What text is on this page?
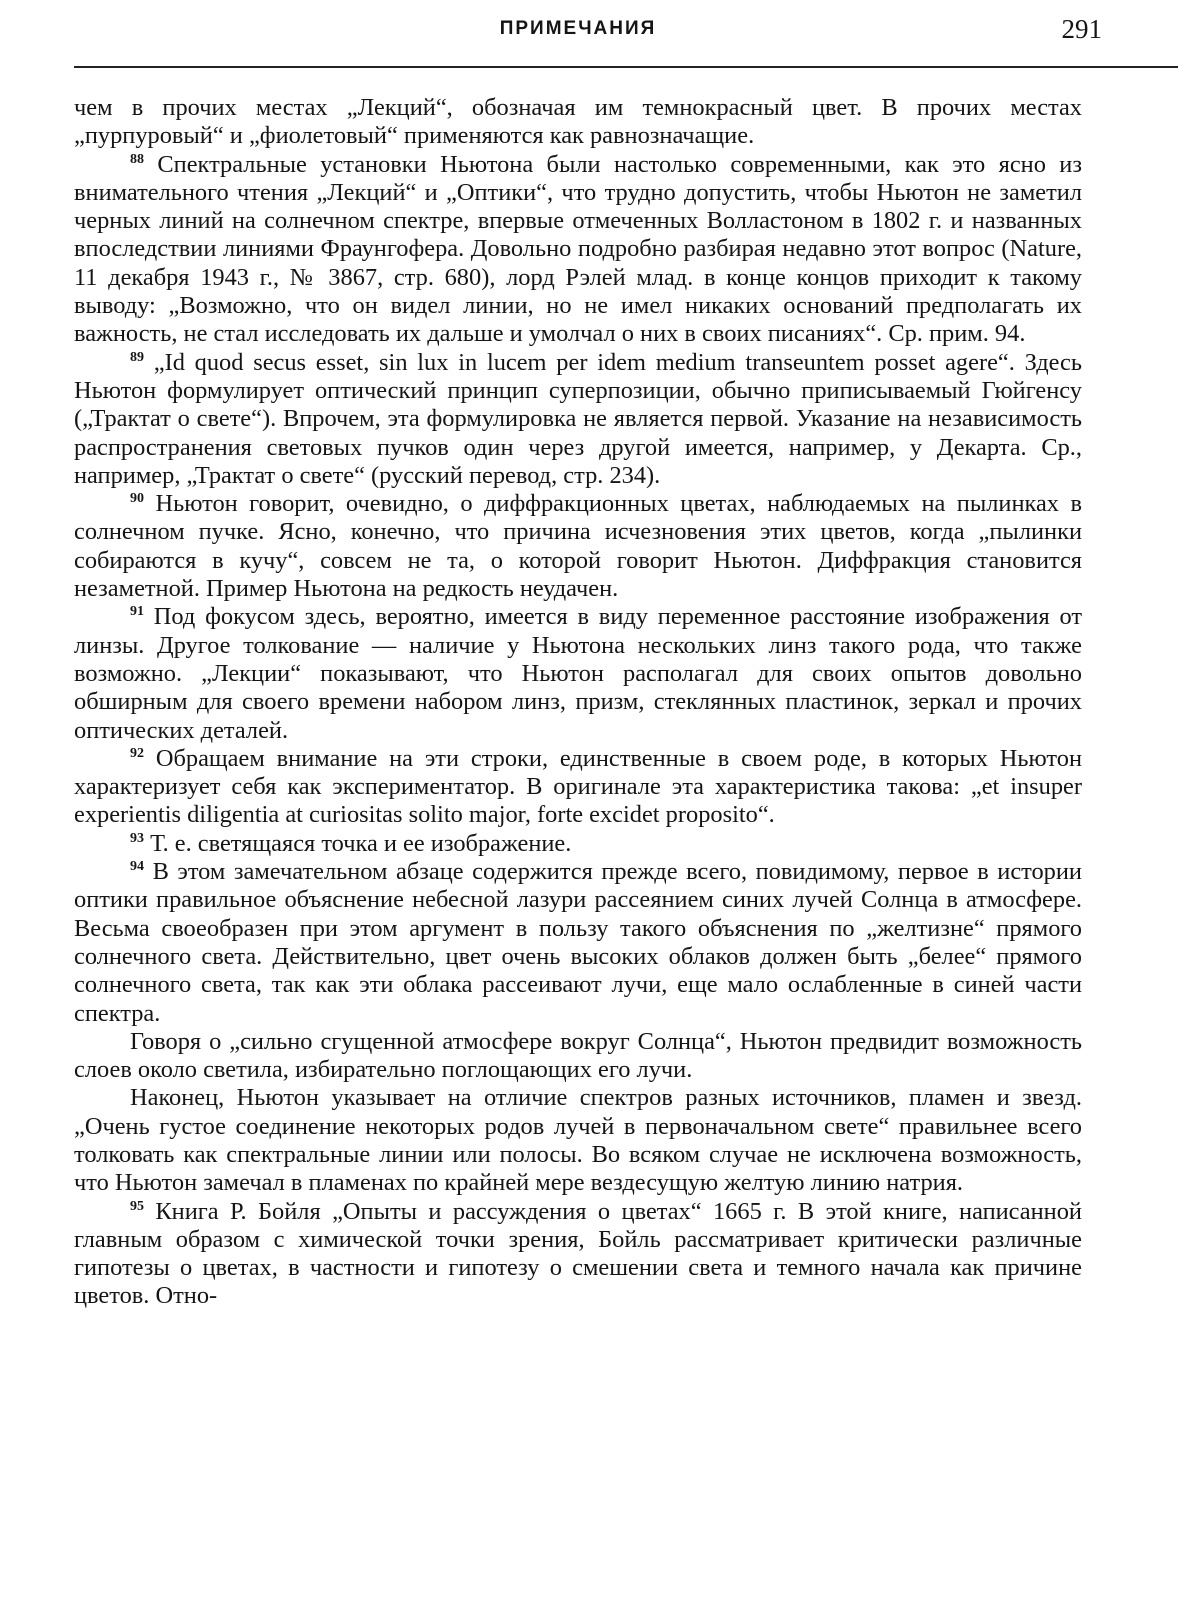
ПРИМЕЧАНИЯ	291

чем в прочих местах „Лекций“, обозначая им темнокрасный цвет. В прочих местах „пурпуровый“ и „фиолетовый“ применяются как равнозначащие.

$^{88}$ Спектральные установки Ньютона были настолько современными, как это ясно из внимательного чтения „Лекций“ и „Оптики“, что трудно допустить, чтобы Ньютон не заметил черных линий на солнечном спектре, впервые отмеченных Волластоном в 1802 г. и названных впоследствии линиями Фраунгофера. Довольно подробно разбирая недавно этот вопрос (Nature, 11 декабря 1943 г., № 3867, стр. 680), лорд Рэлей млад. в конце концов приходит к такому выводу: „Возможно, что он видел линии, но не имел никаких оснований предполагать их важность, не стал исследовать их дальше и умолчал о них в своих писаниях“. Ср. прим. 94.

$^{89}$ „Id quod secus esset, sin lux in lucem per idem medium transeuntem posset agere“. Здесь Ньютон формулирует оптический принцип суперпозиции, обычно приписываемый Гюйгенсу („Трактат о свете“). Впрочем, эта формулировка не является первой. Указание на независимость распространения световых пучков один через другой имеется, например, у Декарта. Ср., например, „Трактат о свете“ (русский перевод, стр. 234).

$^{90}$ Ньютон говорит, очевидно, о диффракционных цветах, наблюдаемых на пылинках в солнечном пучке. Ясно, конечно, что причина исчезновения этих цветов, когда „пылинки собираются в кучу“, совсем не та, о которой говорит Ньютон. Диффракция становится незаметной. Пример Ньютона на редкость неудачен.

$^{91}$ Под фокусом здесь, вероятно, имеется в виду переменное расстояние изображения от линзы. Другое толкование — наличие у Ньютона нескольких линз такого рода, что также возможно. „Лекции“ показывают, что Ньютон располагал для своих опытов довольно обширным для своего времени набором линз, призм, стеклянных пластинок, зеркал и прочих оптических деталей.

$^{92}$ Обращаем внимание на эти строки, единственные в своем роде, в которых Ньютон характеризует себя как экспериментатор. В оригинале эта характеристика такова: „et insuper experientis diligentia at curiositas solito major, forte excidet proposito“.

$^{93}$ Т. е. светящаяся точка и ее изображение.

$^{94}$ В этом замечательном абзаце содержится прежде всего, повидимому, первое в истории оптики правильное объяснение небесной лазури рассеянием синих лучей Солнца в атмосфере. Весьма своеобразен при этом аргумент в пользу такого объяснения по „желтизне“ прямого солнечного света. Действительно, цвет очень высоких облаков должен быть „белее“ прямого солнечного света, так как эти облака рассеивают лучи, еще мало ослабленные в синей части спектра.

Говоря о „сильно сгущенной атмосфере вокруг Солнца“, Ньютон предвидит возможность слоев около светила, избирательно поглощающих его лучи.

Наконец, Ньютон указывает на отличие спектров разных источников, пламен и звезд. „Очень густое соединение некоторых родов лучей в первоначальном свете“ правильнее всего толковать как спектральные линии или полосы. Во всяком случае не исключена возможность, что Ньютон замечал в пламенах по крайней мере вездесущую желтую линию натрия.

$^{95}$ Книга Р. Бойля „Опыты и рассуждения о цветах“ 1665 г. В этой книге, написанной главным образом с химической точки зрения, Бойль рассматривает критически различные гипотезы о цветах, в частности и гипотезу о смешении света и темного начала как причине цветов. Отно-
